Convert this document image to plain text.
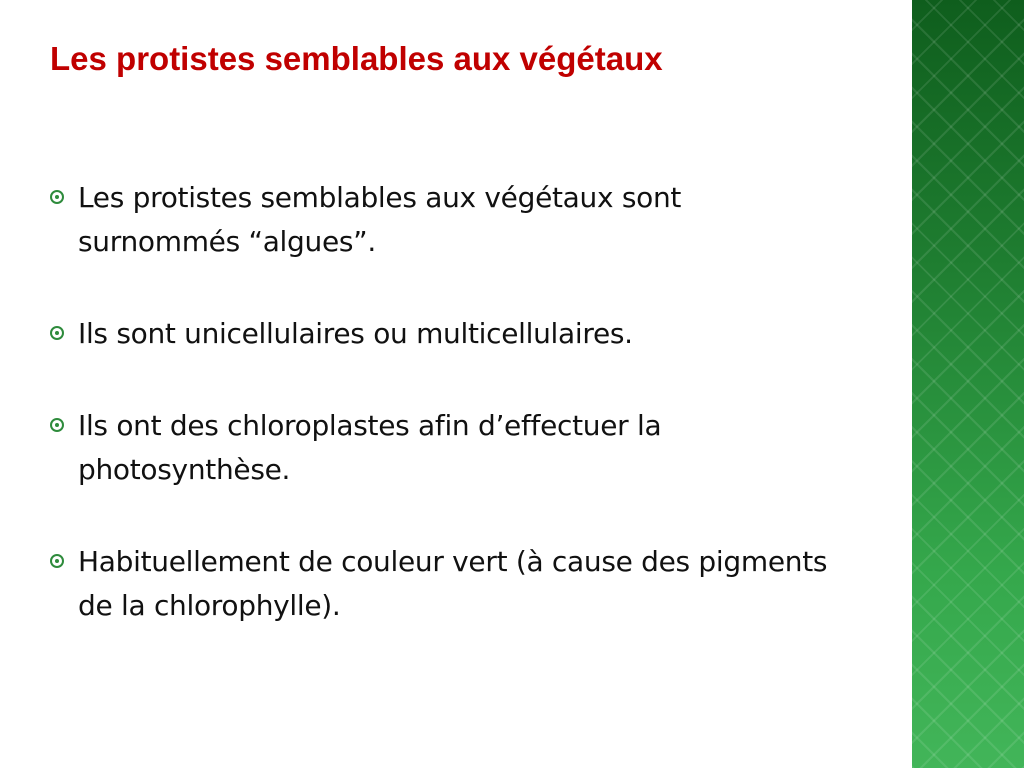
Les protistes semblables aux végétaux
Les protistes semblables aux végétaux sont surnommés “algues”.
Ils sont unicellulaires ou multicellulaires.
Ils ont des chloroplastes afin d’effectuer la photosynthèse.
Habituellement de couleur vert (à cause des pigments de la chlorophylle).
